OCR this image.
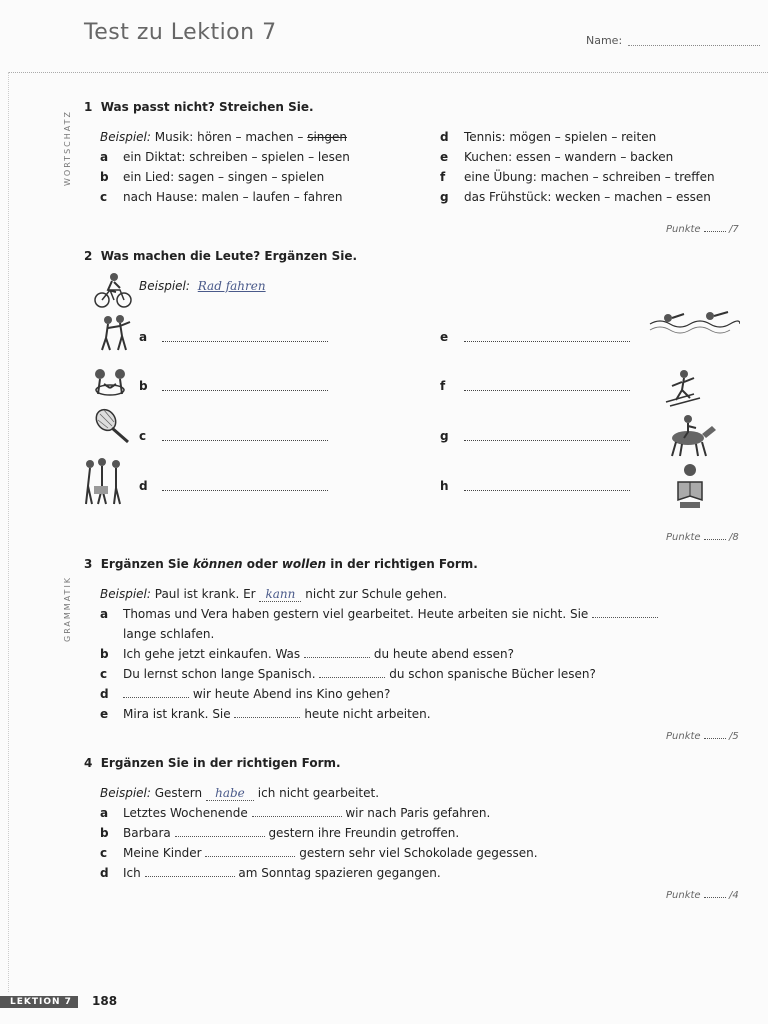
Test zu Lektion 7	Name:
WORTSCHATZ
GRAMMATIK
1 Was passt nicht? Streichen Sie.
Beispiel: Musik: hören – machen – singen
a ein Diktat: schreiben – spielen – lesen
b ein Lied: sagen – singen – spielen
c nach Hause: malen – laufen – fahren
d Tennis: mögen – spielen – reiten
e Kuchen: essen – wandern – backen
f eine Übung: machen – schreiben – treffen
g das Frühstück: wecken – machen – essen
Punkte	/7
2 Was machen die Leute? Ergänzen Sie.
Beispiel: Rad fahren
a
b
c
d
e
f
g
h
Punkte	/8
3 Ergänzen Sie können oder wollen in der richtigen Form.
Beispiel: Paul ist krank. Er kann nicht zur Schule gehen.
a Thomas und Vera haben gestern viel gearbeitet. Heute arbeiten sie nicht. Sie
lange schlafen.
b Ich gehe jetzt einkaufen. Was	du heute abend essen?
c Du lernst schon lange Spanisch.	du schon spanische Bücher lesen?
d	wir heute Abend ins Kino gehen?
e Mira ist krank. Sie	heute nicht arbeiten.
Punkte	/5
4 Ergänzen Sie in der richtigen Form.
Beispiel: Gestern habe ich nicht gearbeitet.
a Letztes Wochenende	wir nach Paris gefahren.
b Barbara	gestern ihre Freundin getroffen.
c Meine Kinder	gestern sehr viel Schokolade gegessen.
d Ich	am Sonntag spazieren gegangen.
Punkte	/4
LEKTION 7	188
